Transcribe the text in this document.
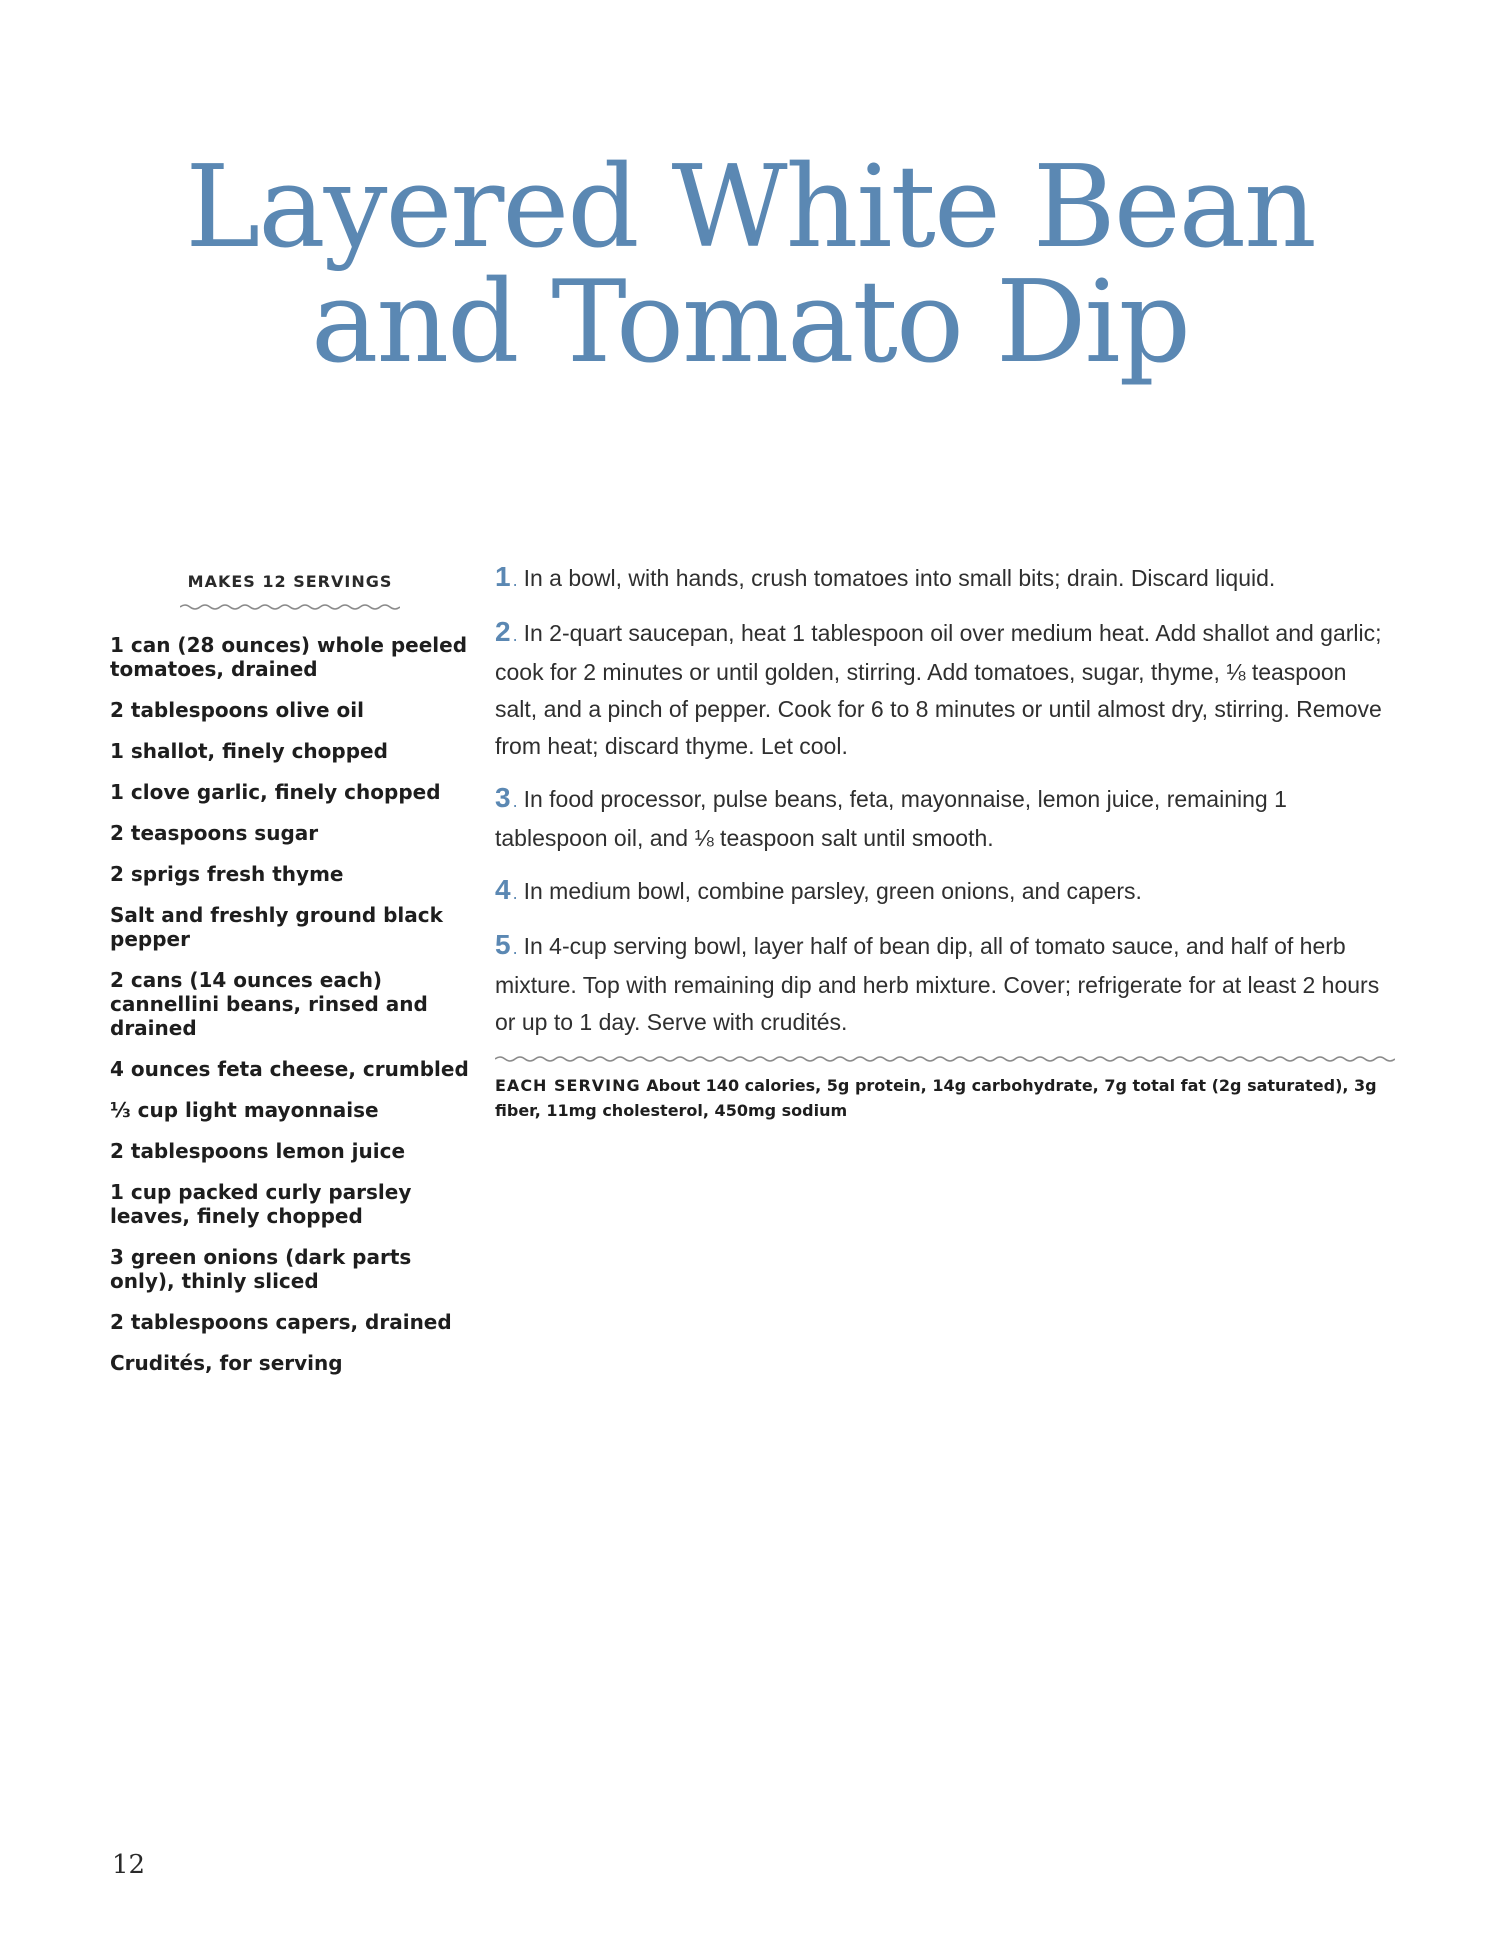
Layered White Bean
and Tomato Dip

MAKES 12 SERVINGS

1 can (28 ounces) whole peeled tomatoes, drained
2 tablespoons olive oil
1 shallot, finely chopped
1 clove garlic, finely chopped
2 teaspoons sugar
2 sprigs fresh thyme
Salt and freshly ground black pepper
2 cans (14 ounces each) cannellini beans, rinsed and drained
4 ounces feta cheese, crumbled
⅓ cup light mayonnaise
2 tablespoons lemon juice
1 cup packed curly parsley leaves, finely chopped
3 green onions (dark parts only), thinly sliced
2 tablespoons capers, drained
Crudités, for serving

1 . In a bowl, with hands, crush tomatoes into small bits; drain. Discard liquid.

2 . In 2-quart saucepan, heat 1 tablespoon oil over medium heat. Add shallot and garlic; cook for 2 minutes or until golden, stirring. Add tomatoes, sugar, thyme, ⅛ teaspoon salt, and a pinch of pepper. Cook for 6 to 8 minutes or until almost dry, stirring. Remove from heat; discard thyme. Let cool.

3 . In food processor, pulse beans, feta, mayonnaise, lemon juice, remaining 1 tablespoon oil, and ⅛ teaspoon salt until smooth.

4 . In medium bowl, combine parsley, green onions, and capers.

5 . In 4-cup serving bowl, layer half of bean dip, all of tomato sauce, and half of herb mixture. Top with remaining dip and herb mixture. Cover; refrigerate for at least 2 hours or up to 1 day. Serve with crudités.

EACH SERVING About 140 calories, 5g protein, 14g carbohydrate, 7g total fat (2g saturated), 3g fiber, 11mg cholesterol, 450mg sodium

12
